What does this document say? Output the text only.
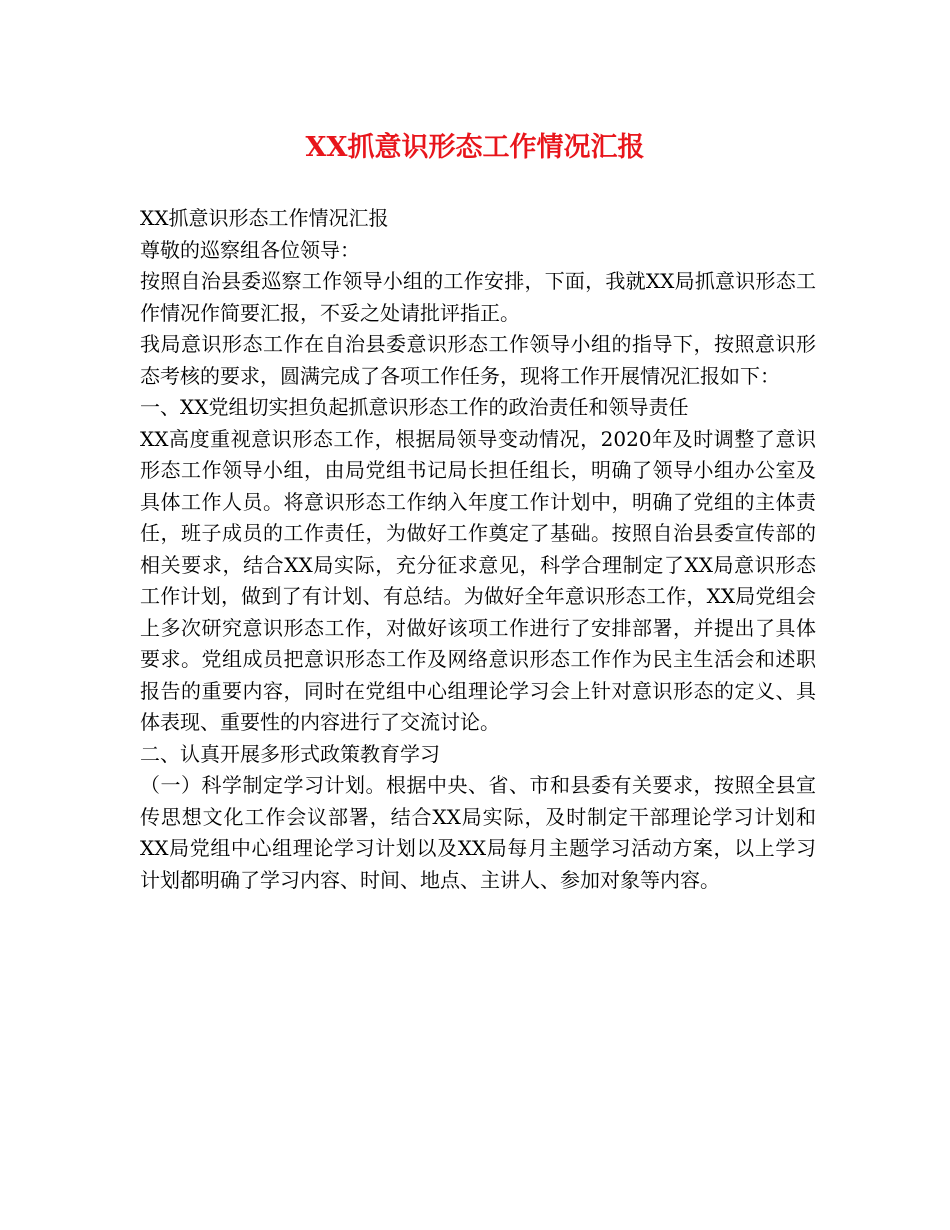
XX抓意识形态工作情况汇报

XX抓意识形态工作情况汇报

尊敬的巡察组各位领导：

按照自治县委巡察工作领导小组的工作安排，下面，我就XX局抓意识形态工作情况作简要汇报，不妥之处请批评指正。

我局意识形态工作在自治县委意识形态工作领导小组的指导下，按照意识形态考核的要求，圆满完成了各项工作任务，现将工作开展情况汇报如下：

一、XX党组切实担负起抓意识形态工作的政治责任和领导责任

XX高度重视意识形态工作，根据局领导变动情况，2020年及时调整了意识形态工作领导小组，由局党组书记局长担任组长，明确了领导小组办公室及具体工作人员。将意识形态工作纳入年度工作计划中，明确了党组的主体责任，班子成员的工作责任，为做好工作奠定了基础。按照自治县委宣传部的相关要求，结合XX局实际，充分征求意见，科学合理制定了XX局意识形态工作计划，做到了有计划、有总结。为做好全年意识形态工作，XX局党组会上多次研究意识形态工作，对做好该项工作进行了安排部署，并提出了具体要求。党组成员把意识形态工作及网络意识形态工作作为民主生活会和述职报告的重要内容，同时在党组中心组理论学习会上针对意识形态的定义、具体表现、重要性的内容进行了交流讨论。

二、认真开展多形式政策教育学习

（一）科学制定学习计划。根据中央、省、市和县委有关要求，按照全县宣传思想文化工作会议部署，结合XX局实际，及时制定干部理论学习计划和XX局党组中心组理论学习计划以及XX局每月主题学习活动方案，以上学习计划都明确了学习内容、时间、地点、主讲人、参加对象等内容。
